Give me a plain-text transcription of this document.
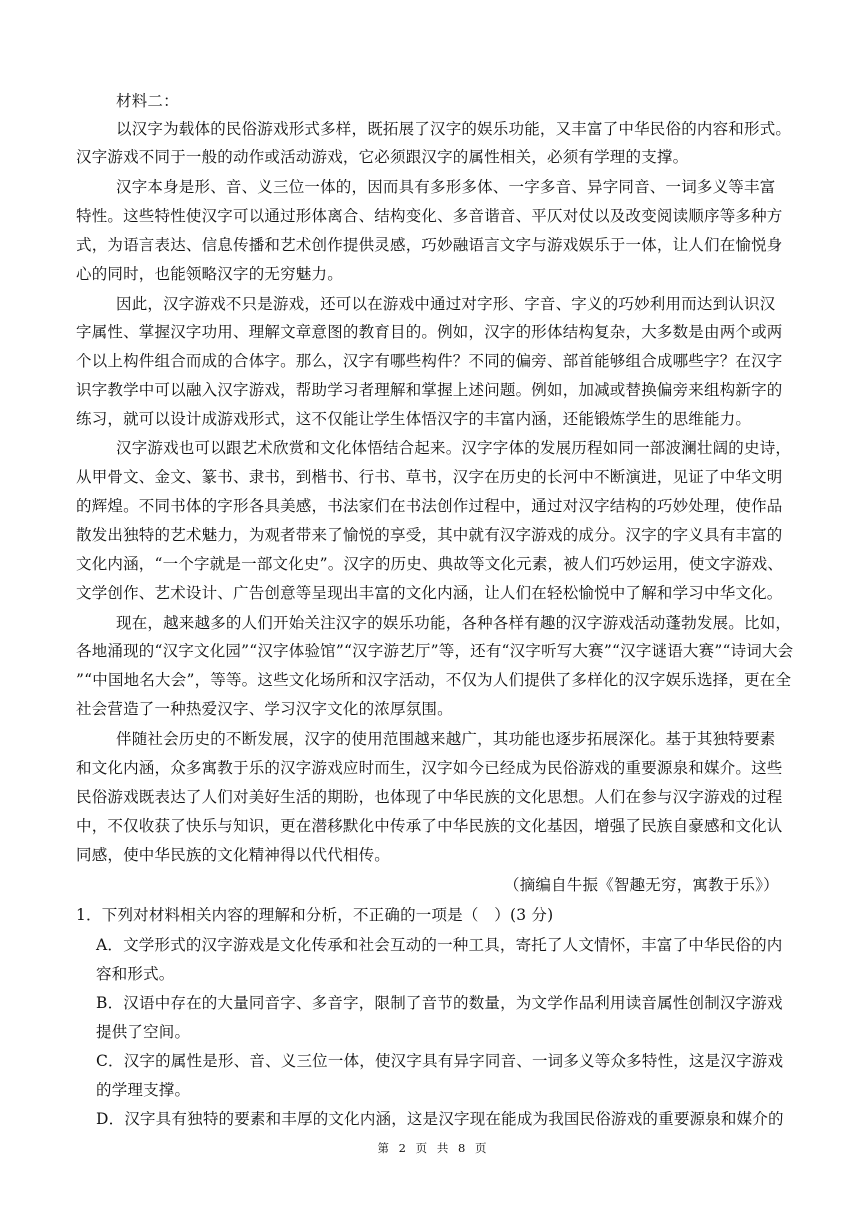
材料二：
以汉字为载体的民俗游戏形式多样，既拓展了汉字的娱乐功能，又丰富了中华民俗的内容和形式。
汉字游戏不同于一般的动作或活动游戏，它必须跟汉字的属性相关，必须有学理的支撑。
汉字本身是形、音、义三位一体的，因而具有多形多体、一字多音、异字同音、一词多义等丰富
特性。这些特性使汉字可以通过形体离合、结构变化、多音谐音、平仄对仗以及改变阅读顺序等多种方
式，为语言表达、信息传播和艺术创作提供灵感，巧妙融语言文字与游戏娱乐于一体，让人们在愉悦身
心的同时，也能领略汉字的无穷魅力。
因此，汉字游戏不只是游戏，还可以在游戏中通过对字形、字音、字义的巧妙利用而达到认识汉
字属性、掌握汉字功用、理解文章意图的教育目的。例如，汉字的形体结构复杂，大多数是由两个或两
个以上构件组合而成的合体字。那么，汉字有哪些构件？不同的偏旁、部首能够组合成哪些字？在汉字
识字教学中可以融入汉字游戏，帮助学习者理解和掌握上述问题。例如，加减或替换偏旁来组构新字的
练习，就可以设计成游戏形式，这不仅能让学生体悟汉字的丰富内涵，还能锻炼学生的思维能力。
汉字游戏也可以跟艺术欣赏和文化体悟结合起来。汉字字体的发展历程如同一部波澜壮阔的史诗，
从甲骨文、金文、篆书、隶书，到楷书、行书、草书，汉字在历史的长河中不断演进，见证了中华文明
的辉煌。不同书体的字形各具美感，书法家们在书法创作过程中，通过对汉字结构的巧妙处理，使作品
散发出独特的艺术魅力，为观者带来了愉悦的享受，其中就有汉字游戏的成分。汉字的字义具有丰富的
文化内涵，“一个字就是一部文化史”。汉字的历史、典故等文化元素，被人们巧妙运用，使文字游戏、
文学创作、艺术设计、广告创意等呈现出丰富的文化内涵，让人们在轻松愉悦中了解和学习中华文化。
现在，越来越多的人们开始关注汉字的娱乐功能，各种各样有趣的汉字游戏活动蓬勃发展。比如，
各地涌现的“汉字文化园”“汉字体验馆”“汉字游艺厅”等，还有“汉字听写大赛”“汉字谜语大赛”“诗词大会
”“中国地名大会”，等等。这些文化场所和汉字活动，不仅为人们提供了多样化的汉字娱乐选择，更在全
社会营造了一种热爱汉字、学习汉字文化的浓厚氛围。
伴随社会历史的不断发展，汉字的使用范围越来越广，其功能也逐步拓展深化。基于其独特要素
和文化内涵，众多寓教于乐的汉字游戏应时而生，汉字如今已经成为民俗游戏的重要源泉和媒介。这些
民俗游戏既表达了人们对美好生活的期盼，也体现了中华民族的文化思想。人们在参与汉字游戏的过程
中，不仅收获了快乐与知识，更在潜移默化中传承了中华民族的文化基因，增强了民族自豪感和文化认
同感，使中华民族的文化精神得以代代相传。
（摘编自牛振《智趣无穷，寓教于乐》）
1．下列对材料相关内容的理解和分析，不正确的一项是（　）(3 分)
A．文学形式的汉字游戏是文化传承和社会互动的一种工具，寄托了人文情怀，丰富了中华民俗的内
容和形式。
B．汉语中存在的大量同音字、多音字，限制了音节的数量，为文学作品利用读音属性创制汉字游戏
提供了空间。
C．汉字的属性是形、音、义三位一体，使汉字具有异字同音、一词多义等众多特性，这是汉字游戏
的学理支撑。
D．汉字具有独特的要素和丰厚的文化内涵，这是汉字现在能成为我国民俗游戏的重要源泉和媒介的
第 2 页 共 8 页
